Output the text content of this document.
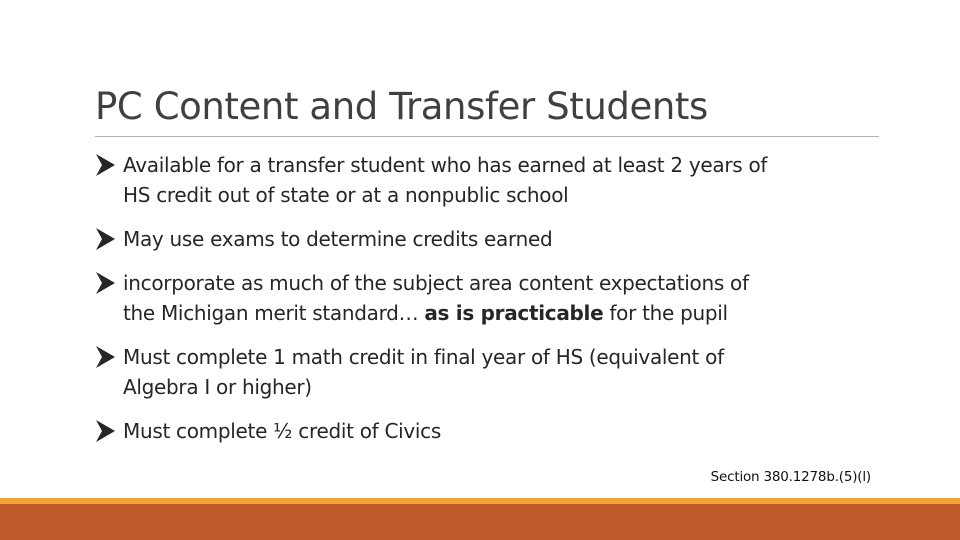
PC Content and Transfer Students
Available for a transfer student who has earned at least 2 years of
HS credit out of state or at a nonpublic school
May use exams to determine credits earned
incorporate as much of the subject area content expectations of
the Michigan merit standard… as is practicable for the pupil
Must complete 1 math credit in final year of HS (equivalent of
Algebra I or higher)
Must complete ½ credit of Civics
Section 380.1278b.(5)(l)
